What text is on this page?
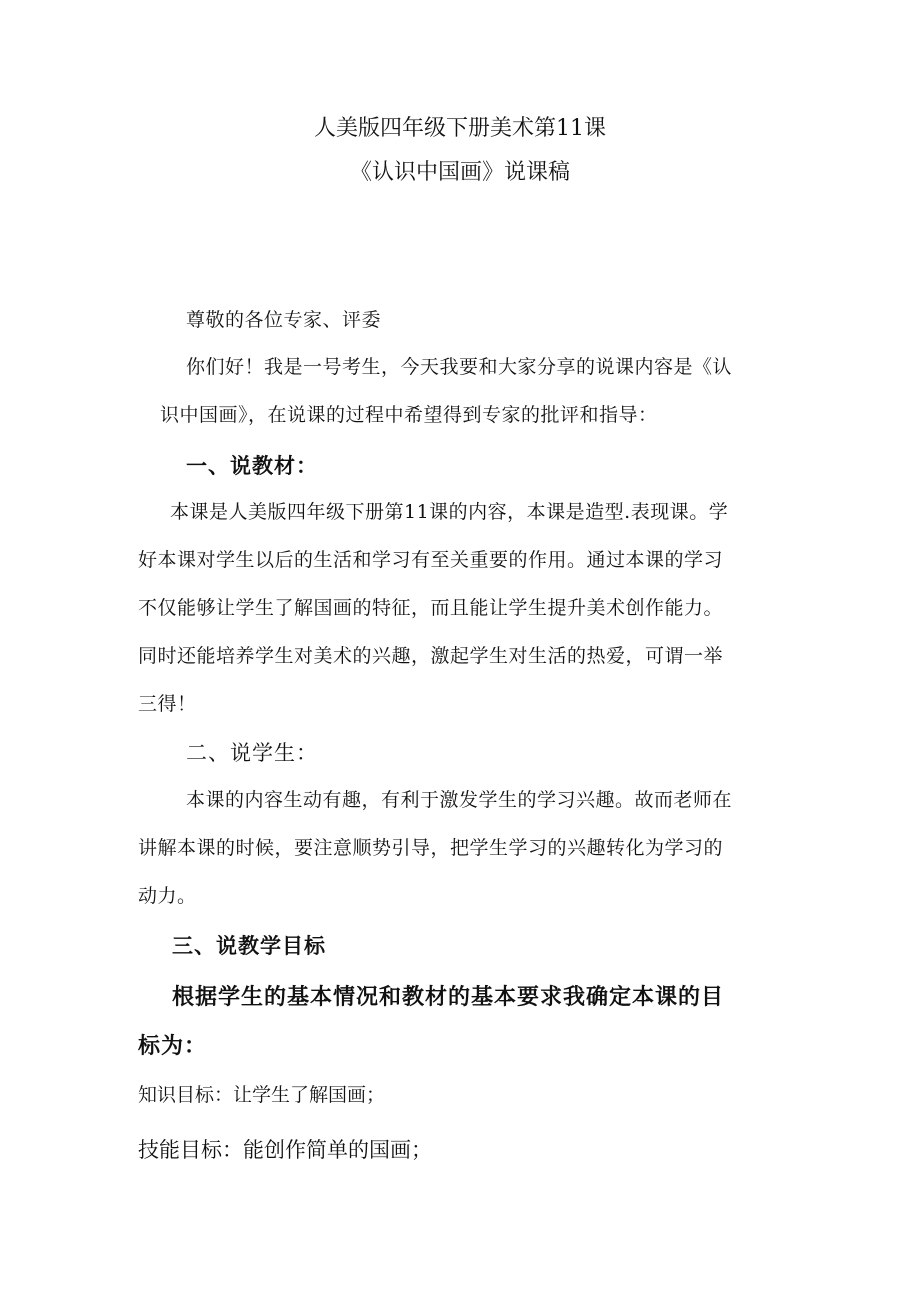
人美版四年级下册美术第11课
《认识中国画》说课稿
尊敬的各位专家、评委
你们好！我是一号考生，今天我要和大家分享的说课内容是《认
识中国画》，在说课的过程中希望得到专家的批评和指导：
一、说教材：
本课是人美版四年级下册第11课的内容，本课是造型.表现课。学
好本课对学生以后的生活和学习有至关重要的作用。通过本课的学习
不仅能够让学生了解国画的特征，而且能让学生提升美术创作能力。
同时还能培养学生对美术的兴趣，激起学生对生活的热爱，可谓一举
三得！
二、说学生：
本课的内容生动有趣，有利于激发学生的学习兴趣。故而老师在
讲解本课的时候，要注意顺势引导，把学生学习的兴趣转化为学习的
动力。
三、说教学目标
根据学生的基本情况和教材的基本要求我确定本课的目
标为：
知识目标：让学生了解国画；
技能目标：能创作简单的国画；
